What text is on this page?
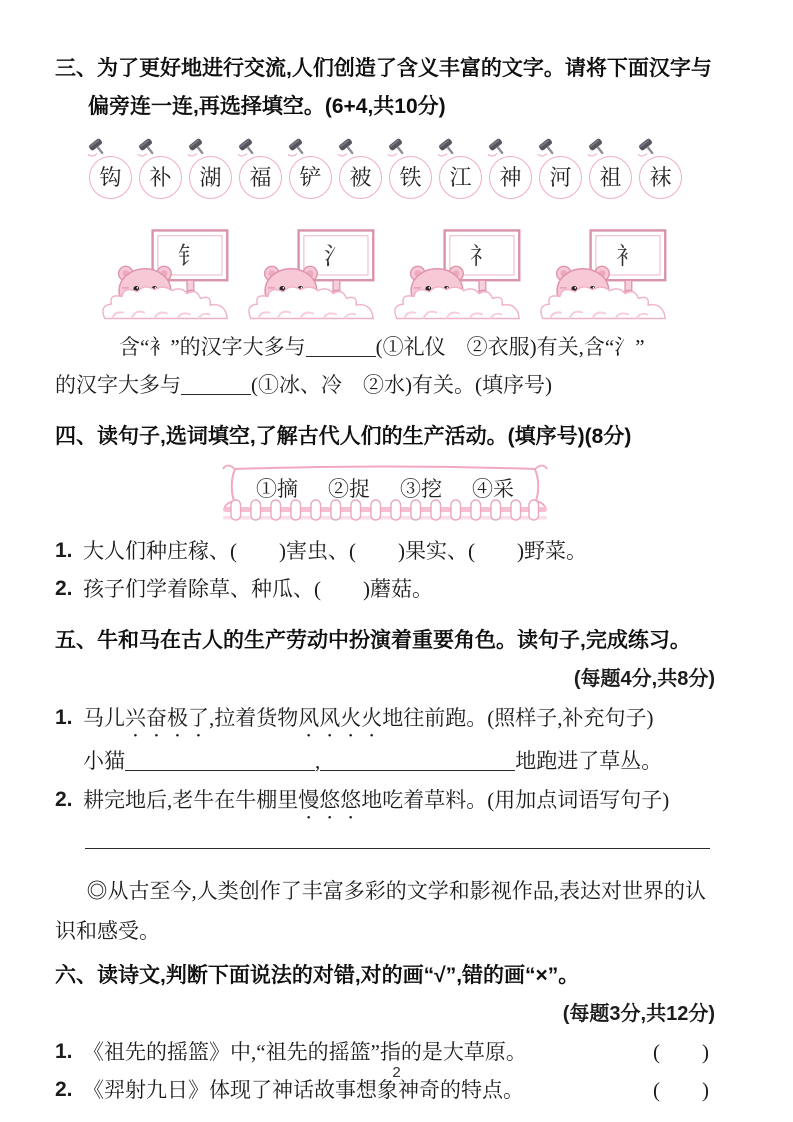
三、为了更好地进行交流,人们创造了含义丰富的文字。请将下面汉字与
偏旁连一连,再选择填空。(6+4,共10分)
钩 补 湖 福 铲 被 铁 江 神 河 祖 袜
钅	氵	礻	衤
含“衤”的汉字大多与	(①礼仪　②衣服)有关,含“氵”
的汉字大多与	(①冰、冷　②水)有关。(填序号)
四、读句子,选词填空,了解古代人们的生产活动。(填序号)(8分)
①摘 ②捉 ③挖 ④采
1. 大人们种庄稼、(　　)害虫、(　　)果实、(　　)野菜。
2. 孩子们学着除草、种瓜、(　　)蘑菇。
五、牛和马在古人的生产劳动中扮演着重要角色。读句子,完成练习。
(每题4分,共8分)
1. 马儿兴奋极了,拉着货物风风火火地往前跑。(照样子,补充句子)
小猫	,	地跑进了草丛。
2. 耕完地后,老牛在牛棚里慢悠悠地吃着草料。(用加点词语写句子)
◎从古至今,人类创作了丰富多彩的文学和影视作品,表达对世界的认识和感受。
六、读诗文,判断下面说法的对错,对的画“√”,错的画“×”。
(每题3分,共12分)
1. 《祖先的摇篮》中,“祖先的摇篮”指的是大草原。	(　　)
2. 《羿射九日》体现了神话故事想象神奇的特点。	(　　)
2
